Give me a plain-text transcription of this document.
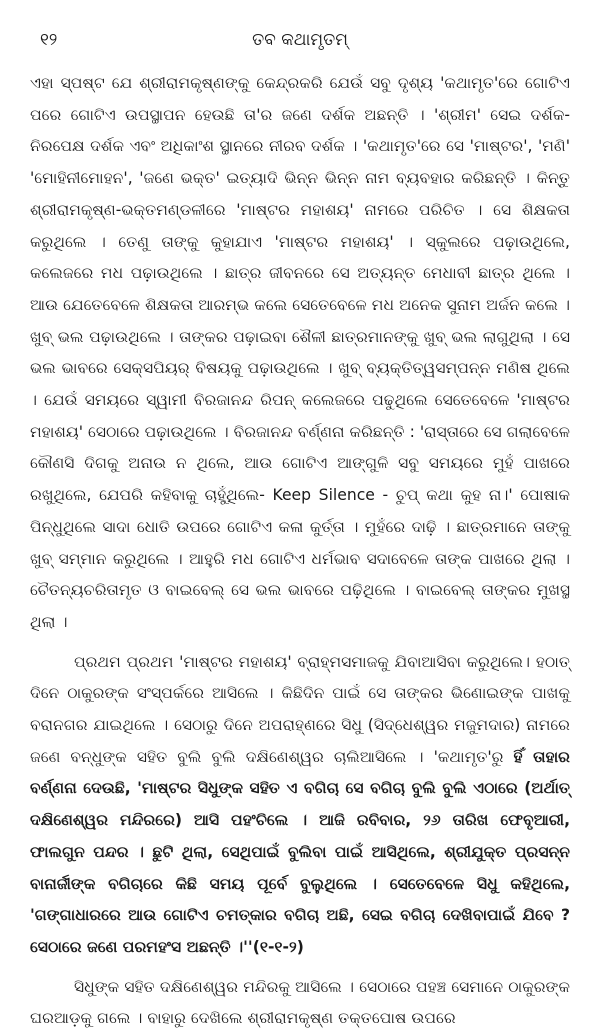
୧୨	ତବ କଥାମୃତମ୍

ଏହା ସ୍ପଷ୍ଟ ଯେ ଶ୍ରୀରାମକୃଷ୍ଣଙ୍କୁ କେନ୍ଦ୍ରକରି ଯେଉଁ ସବୁ ଦୃଶ୍ୟ 'କଥାମୃତ'ରେ ଗୋଟିଏ ପରେ ଗୋଟିଏ ଉପସ୍ଥାପନ ହେଉଛି ତା'ର ଜଣେ ଦର୍ଶକ ଅଛନ୍ତି । 'ଶ୍ରୀମ' ସେଇ ଦର୍ଶକ- ନିରପେକ୍ଷ ଦର୍ଶକ ଏବଂ ଅଧିକାଂଶ ସ୍ଥାନରେ ନୀରବ ଦର୍ଶକ । 'କଥାମୃତ'ରେ ସେ 'ମାଷ୍ଟର', 'ମଣି' 'ମୋହିନୀମୋହନ', 'ଜଣେ ଭକ୍ତ' ଇତ୍ୟାଦି ଭିନ୍ନ ଭିନ୍ନ ନାମ ବ୍ୟବହାର କରିଛନ୍ତି । କିନ୍ତୁ ଶ୍ରୀରାମକୃଷ୍ଣ-ଭକ୍ତମଣ୍ଡଳୀରେ 'ମାଷ୍ଟର ମହାଶୟ' ନାମରେ ପରିଚିତ । ସେ ଶିକ୍ଷକତା କରୁଥିଲେ । ତେଣୁ ତାଙ୍କୁ କୁହାଯାଏ 'ମାଷ୍ଟର ମହାଶୟ' । ସ୍କୁଲରେ ପଢ଼ାଉଥିଲେ, କଲେଜରେ ମଧ ପଢ଼ାଉଥିଲେ । ଛାତ୍ର ଜୀବନରେ ସେ ଅତ୍ୟନ୍ତ ମେଧାବୀ ଛାତ୍ର ଥିଲେ । ଆଉ ଯେତେବେଳେ ଶିକ୍ଷକତା ଆରମ୍ଭ କଲେ ସେତେବେଳେ ମଧ ଅନେକ ସୁନାମ ଅର୍ଜନ କଲେ । ଖୁବ୍ ଭଲ ପଢ଼ାଉଥିଲେ । ତାଙ୍କର ପଢ଼ାଇବା ଶୈଳୀ ଛାତ୍ରମାନଙ୍କୁ ଖୁବ୍ ଭଲ ଲାଗୁଥିଲା । ସେ ଭଲ ଭାବରେ ସେକ୍ସପିୟର୍ ବିଷୟକୁ ପଢ଼ାଉଥିଲେ । ଖୁବ୍ ବ୍ୟକ୍ତିତ୍ୱସମ୍ପନ୍ନ ମଣିଷ ଥିଲେ । ଯେଉଁ ସମୟରେ ସ୍ୱାମୀ ବିରଜାନନ୍ଦ ରିପନ୍ କଲେଜରେ ପଢୁଥିଲେ ସେତେବେଳେ 'ମାଷ୍ଟର ମହାଶୟ' ସେଠାରେ ପଢ଼ାଉଥିଲେ । ବିରଜାନନ୍ଦ ବର୍ଣ୍ଣନା କରିଛନ୍ତି : 'ରାସ୍ତାରେ ସେ ଗଲାବେଳେ କୌଣସି ଦିଗକୁ ଅନାଉ ନ ଥିଲେ, ଆଉ ଗୋଟିଏ ଆଙ୍ଗୁଳି ସବୁ ସମୟରେ ମୁହଁ ପାଖରେ ରଖୁଥିଲେ, ଯେପରି କହିବାକୁ ଚାହୁଁଥିଲେ- Keep Silence - ଚୁପ୍ କଥା କୁହ ନା।' ପୋଷାକ ପିନ୍ଧୁଥିଲେ ସାଦା ଧୋତି ଉପରେ ଗୋଟିଏ କଳା କୁର୍ତ୍ତା । ମୁହଁରେ ଦାଢ଼ି । ଛାତ୍ରମାନେ ତାଙ୍କୁ ଖୁବ୍ ସମ୍ମାନ କରୁଥିଲେ । ଆହୁରି ମଧ ଗୋଟିଏ ଧର୍ମଭାବ ସଦାବେଳେ ତାଙ୍କ ପାଖରେ ଥିଲା । ଚୈତନ୍ୟଚରିତାମୃତ ଓ ବାଇବେଲ୍ ସେ ଭଲ ଭାବରେ ପଢ଼ିଥିଲେ । ବାଇବେଲ୍ ତାଙ୍କର ମୁଖସ୍ଥ ଥିଲା ।

ପ୍ରଥମ ପ୍ରଥମ 'ମାଷ୍ଟର ମହାଶୟ' ବ୍ରାହ୍ମସମାଜକୁ ଯିବାଆସିବା କରୁଥିଲେ। ହଠାତ୍ ଦିନେ ଠାକୁରଙ୍କ ସଂସ୍ପର୍କରେ ଆସିଲେ । କିଛିଦିନ ପାଇଁ ସେ ତାଙ୍କର ଭିଣୋଇଙ୍କ ପାଖକୁ ବରାନଗର ଯାଇଥିଲେ । ସେଠାରୁ ଦିନେ ଅପରାହ୍ଣରେ ସିଧୁ (ସିଦ୍ଧେଶ୍ୱର ମଜୁମଦାର) ନାମରେ ଜଣେ ବନ୍ଧୁଙ୍କ ସହିତ ବୁଲି ବୁଲି ଦକ୍ଷିଣେଶ୍ୱର ଚାଲିଆସିଲେ । 'କଥାମୃତ'ରୁ ହିଁ ତାହାର ବର୍ଣ୍ଣନା ଦେଉଛି, 'ମାଷ୍ଟର ସିଧୁଙ୍କ ସହିତ ଏ ବଗିଚା ସେ ବଗିଚା ବୁଲି ବୁଲି ଏଠାରେ (ଅର୍ଥାତ୍ ଦକ୍ଷିଣେଶ୍ୱର ମନ୍ଦିରରେ) ଆସି ପହଂଚିଲେ । ଆଜି ରବିବାର, ୨୬ ତାରିଖ ଫେବୃଆରୀ, ଫାଲଗୁନ ପନ୍ଦର । ଛୁଟି ଥିଲା, ସେଥିପାଇଁ ବୁଲିବା ପାଇଁ ଆସିଥିଲେ, ଶ୍ରୀଯୁକ୍ତ ପ୍ରସନ୍ନ ବାନାର୍ଜୀଙ୍କ ବଗିଚାରେ କିଛି ସମୟ ପୂର୍ବେ ବୁଲୁଥିଲେ । ସେତେବେଳେ ସିଧୁ କହିଥିଲେ, 'ଗଙ୍ଗାଧାରରେ ଆଉ ଗୋଟିଏ ଚମତ୍କାର ବଗିଚା ଅଛି, ସେଇ ବଗିଚା ଦେଖିବାପାଇଁ ଯିବେ ? ସେଠାରେ ଜଣେ ପରମହଂସ ଅଛନ୍ତି ।''(୧-୧-୨)

ସିଧୁଙ୍କ ସହିତ ଦକ୍ଷିଣେଶ୍ୱର ମନ୍ଦିରକୁ ଆସିଲେ । ସେଠାରେ ପହଞ୍ଚ ସେମାନେ ଠାକୁରଙ୍କ ଘରଆଡ଼କୁ ଗଲେ । ବାହାରୁ ଦେଖିଲେ ଶ୍ରୀରାମକୃଷ୍ଣ ତକ୍ତପୋଷ ଉପରେ
